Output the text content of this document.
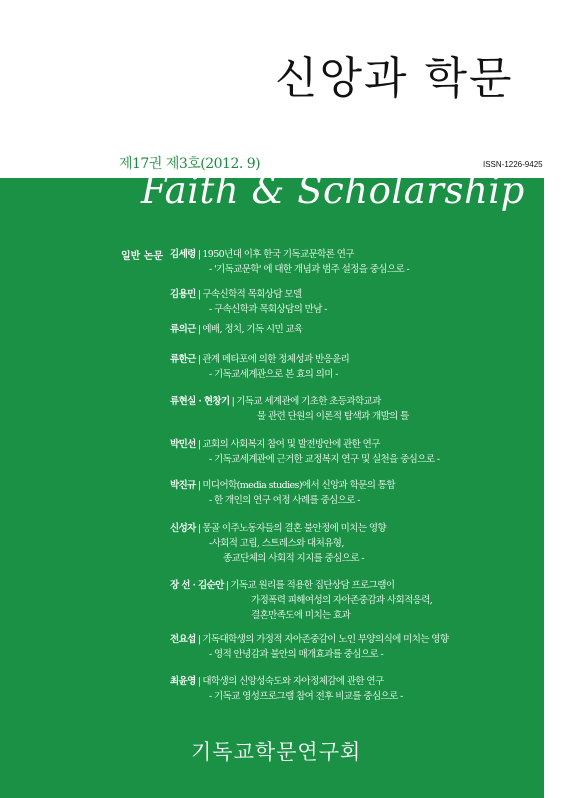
신앙과 학문
제17권 제3호(2012. 9)	ISSN-1226-9425
Faith & Scholarship
일반 논문 김세령 | 1950년대 이후 한국 기독교문학론 연구
- '기독교문학' 에 대한 개념과 범주 설정을 중심으로 -
김용민 | 구속신학적 목회상담 모델
- 구속신학과 목회상담의 만남 -
류의근 | 예배, 정치, 기독 시민 교육
류한근 | 관계 메타포에 의한 정체성과 반응윤리
- 기독교세계관으로 본 효의 의미 -
류현실 · 현창기 | 기독교 세계관에 기초한 초등과학교과
물 관련 단원의 이론적 탐색과 개발의 틀
박민선 | 교회의 사회복지 참여 및 발전방안에 관한 연구
- 기독교세계관에 근거한 교정복지 연구 및 실천을 중심으로 -
박진규 | 미디어학(media studies)에서 신앙과 학문의 통합
- 한 개인의 연구 여정 사례를 중심으로 -
신성자 | 몽골 이주노동자들의 결혼 불안정에 미치는 영향
-사회적 고립, 스트레스와 대처유형,
종교단체의 사회적 지지를 중심으로 -
장 선 · 김순안 | 기독교 원리를 적용한 집단상담 프로그램이
가정폭력 피해여성의 자아존중감과 사회적응력,
결혼만족도에 미치는 효과
전요섭 | 기독대학생의 가정적 자아존중감이 노인 부양의식에 미치는 영향
- 영적 안녕감과 불안의 매개효과를 중심으로 -
최윤영 | 대학생의 신앙성숙도와 자아정체감에 관한 연구
- 기독교 영성프로그램 참여 전후 비교를 중심으로 -
기독교학문연구회
